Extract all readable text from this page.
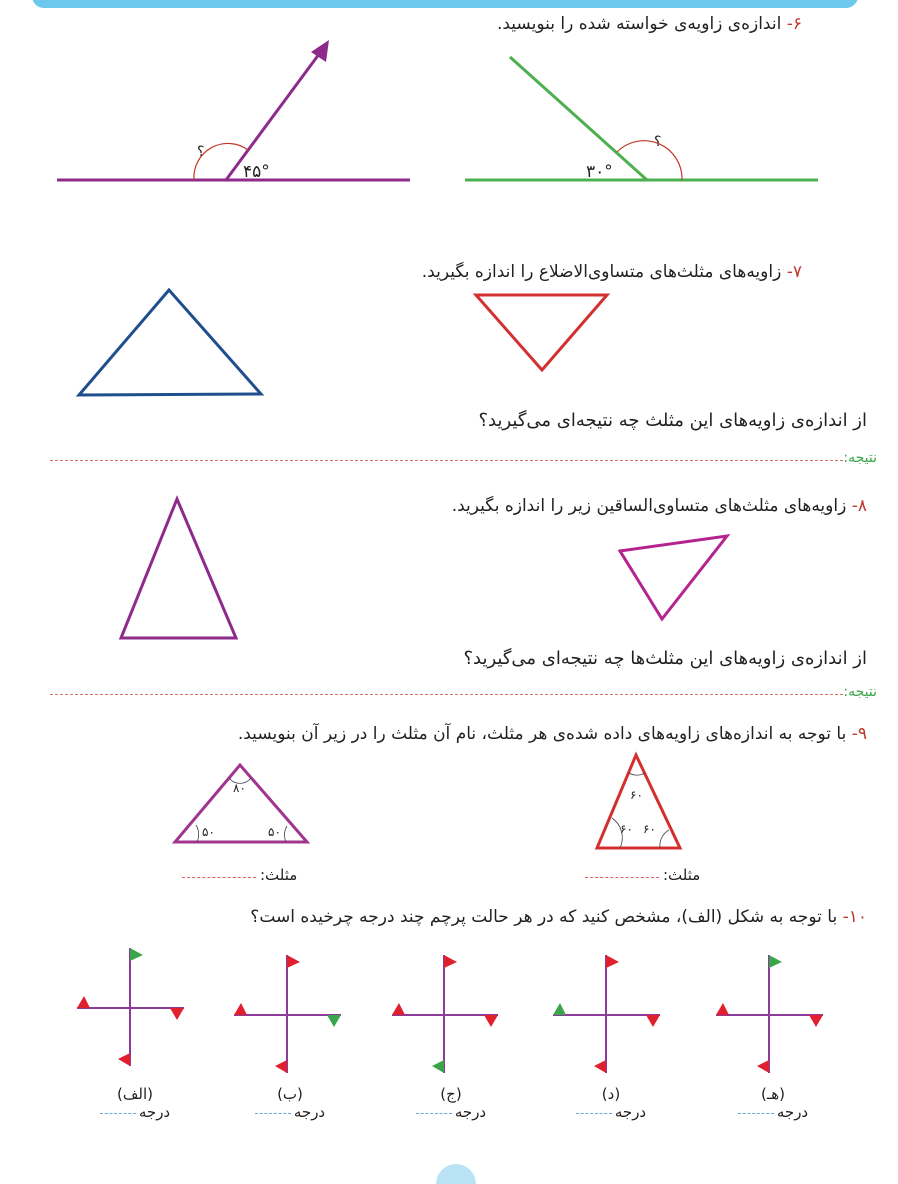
۶- اندازه‌ی زاویه‌ی خواسته شده را بنویسید.
؟
۴۵°
؟
۳۰°
۷- زاویه‌های مثلث‌های متساوی‌الاضلاع را اندازه بگیرید.
از اندازه‌ی زاویه‌های این مثلث چه نتیجه‌ای می‌گیرید؟
نتیجه:
۸- زاویه‌های مثلث‌های متساوی‌الساقین زیر را اندازه بگیرید.
از اندازه‌ی زاویه‌های این مثلث‌ها چه نتیجه‌ای می‌گیرید؟
نتیجه:
۹- با توجه به اندازه‌های زاویه‌های داده شده‌ی هر مثلث، نام آن مثلث را در زیر آن بنویسید.
۸۰
۵۰	۵۰
مثلث:
۶۰
۶۰ ۶۰
مثلث:
۱۰- با توجه به شکل (الف)، مشخص کنید که در هر حالت پرچم چند درجه چرخیده است؟
(الف)
درجه
(ب)
درجه
(ج)
درجه
(د)
درجه
(هـ)
درجه
